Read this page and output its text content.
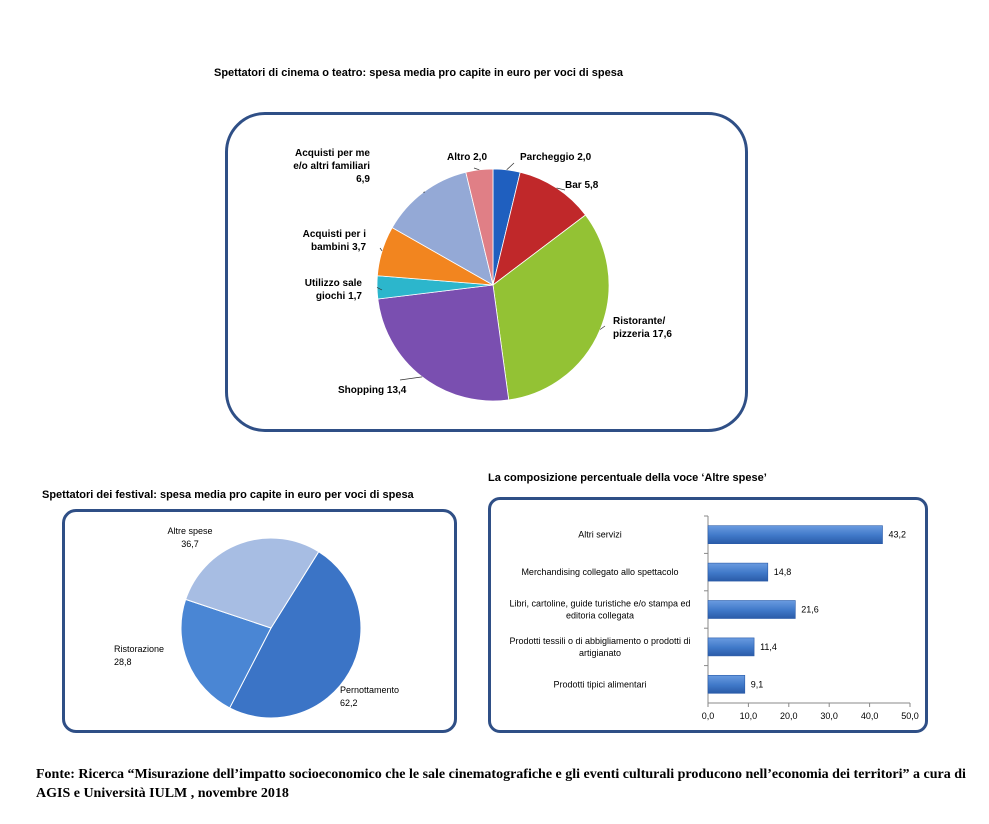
Spettatori di cinema o teatro: spesa media pro capite in euro per voci di spesa
Parcheggio 2,0
Bar 5,8
Ristorante/ pizzeria 17,6
Shopping 13,4
Utilizzo sale giochi 1,7
Acquisti per i bambini 3,7
Acquisti per me e/o altri familiari 6,9
Altro 2,0
Spettatori dei festival: spesa media pro capite in euro per voci di spesa
Pernottamento 62,2
Ristorazione 28,8
Altre spese 36,7
La composizione percentuale della voce ‘Altre spese’
0,0	10,0	20,0	30,0	40,0	50,0
43,2
Altri servizi
14,8
Merchandising collegato allo spettacolo
21,6
Libri, cartoline, guide turistiche e/o stampa ed editoria collegata
11,4
Prodotti tessili o di abbigliamento o prodotti di artigianato
9,1
Prodotti tipici alimentari
Fonte: Ricerca “Misurazione dell’impatto socioeconomico che le sale cinematografiche e gli eventi culturali producono nell’economia dei territori” a cura di AGIS e Università IULM , novembre 2018
